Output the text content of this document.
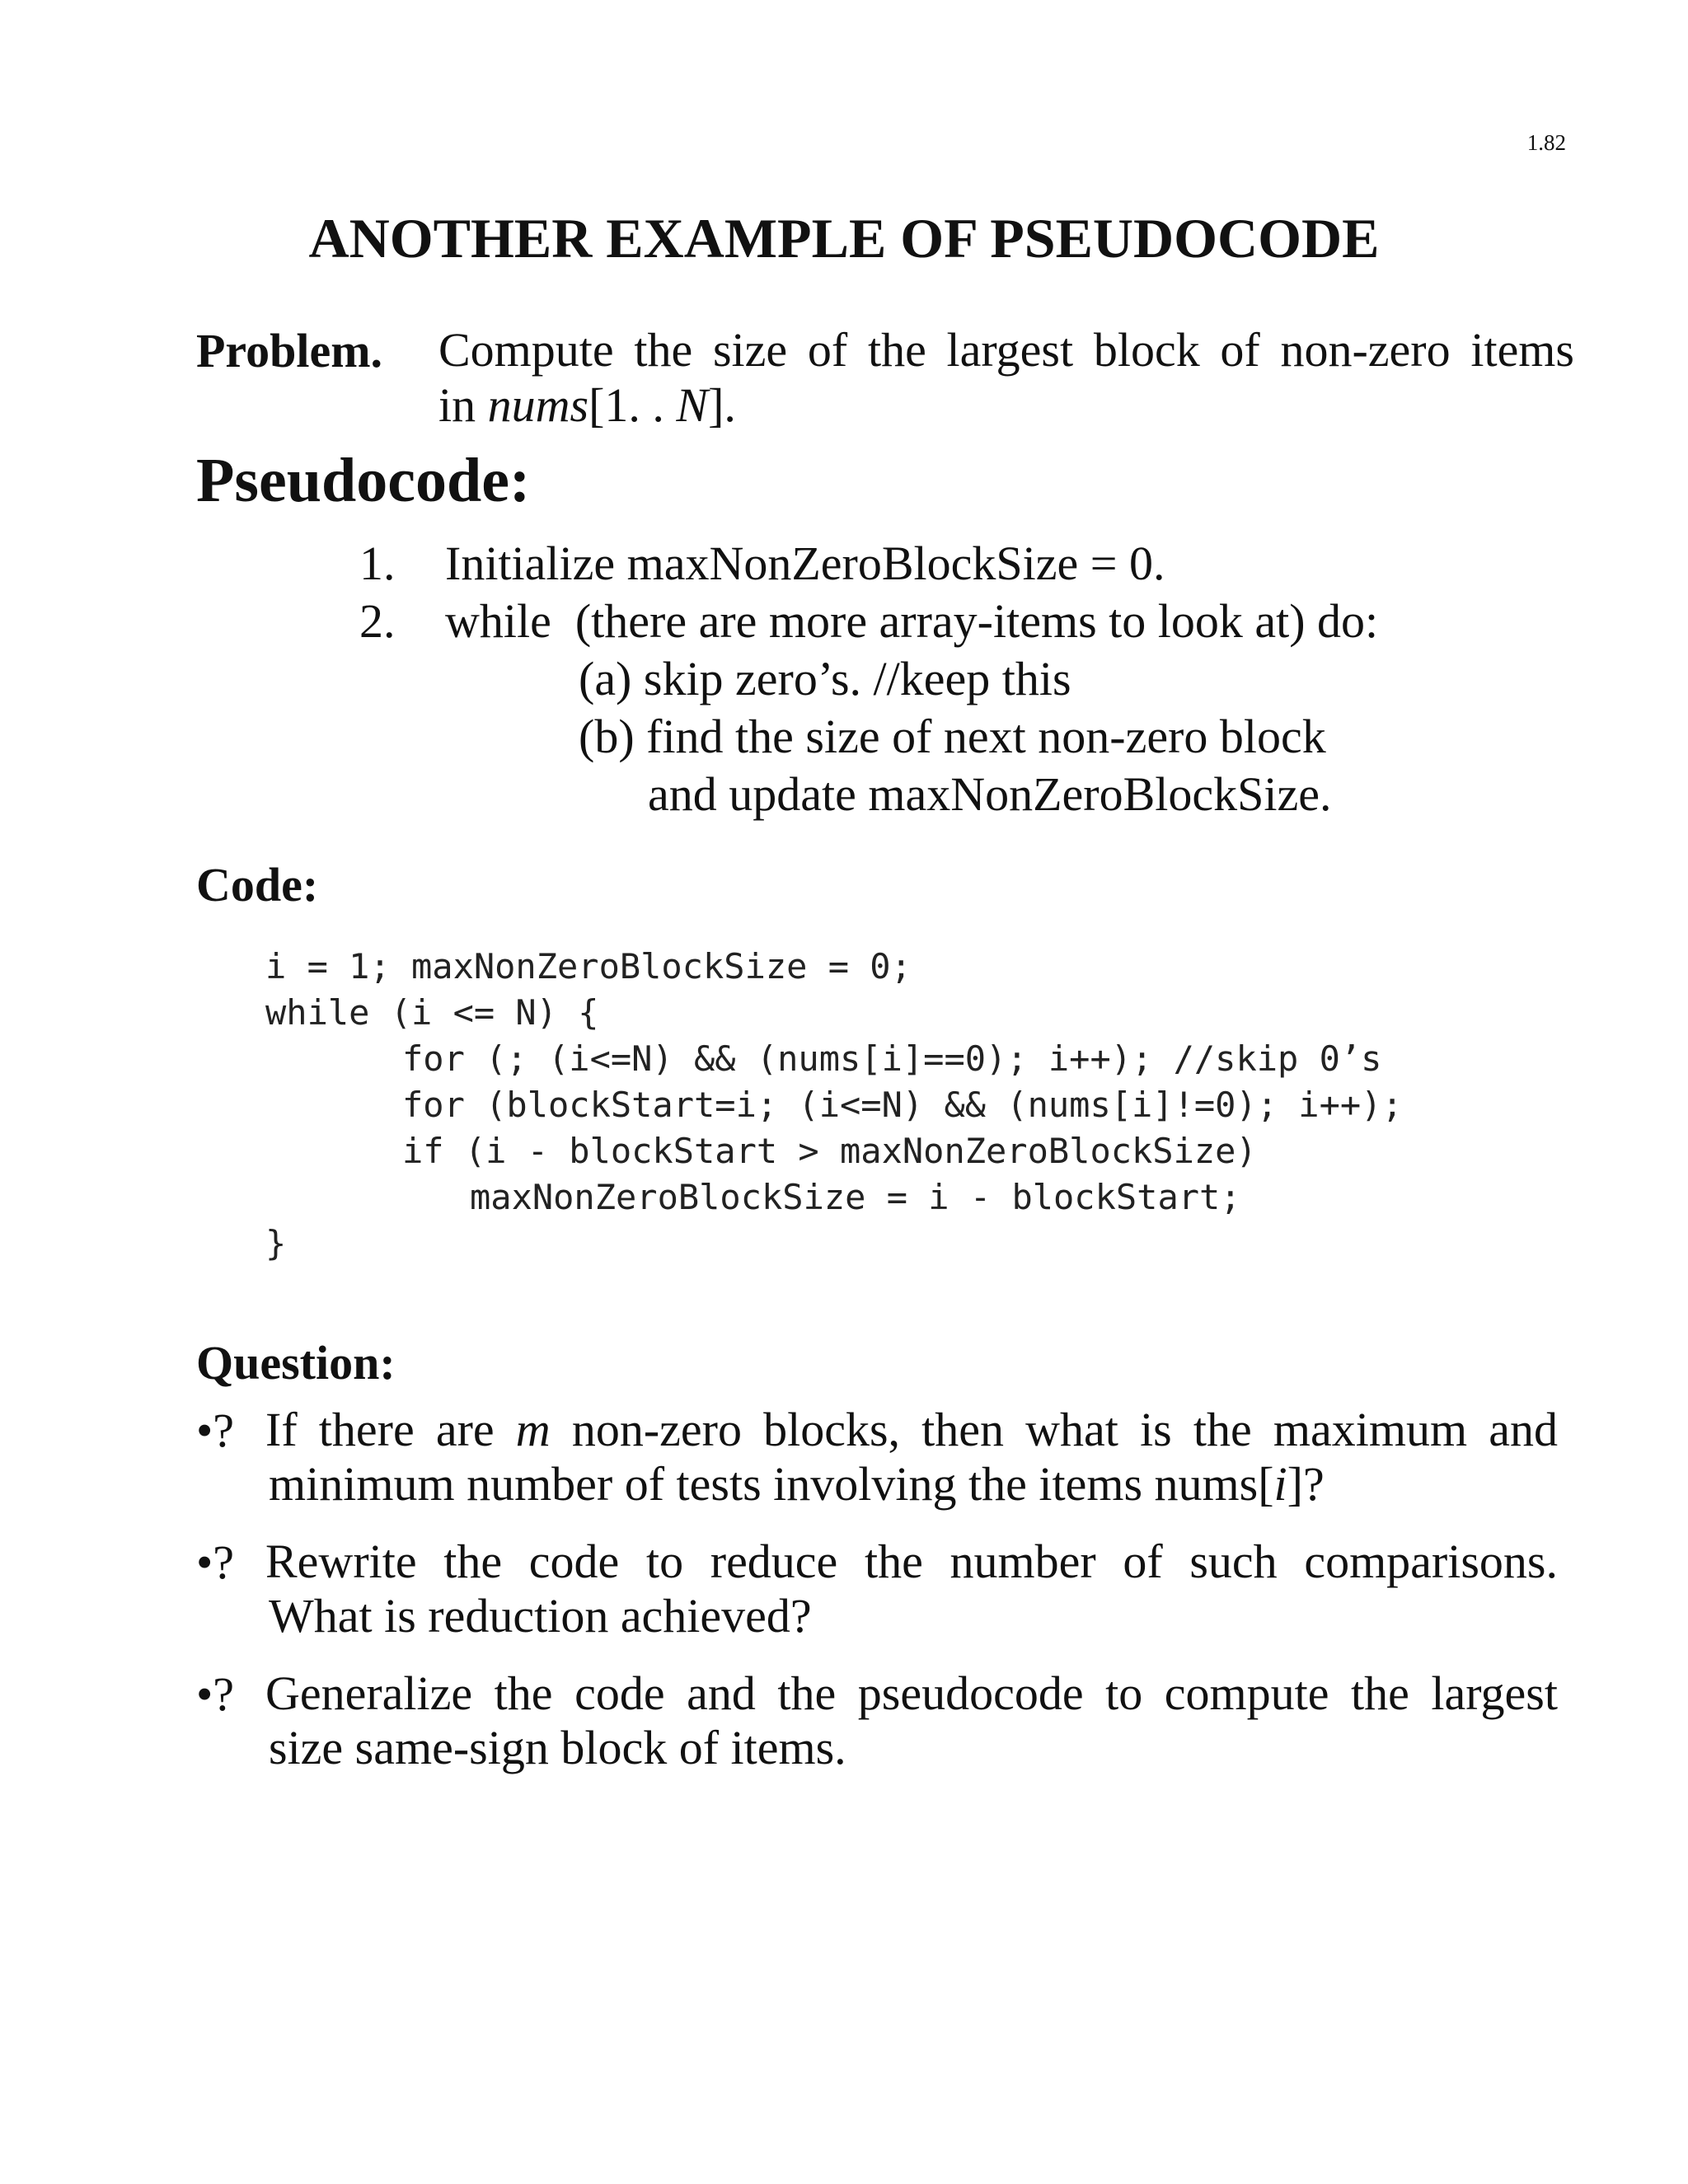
1.82
ANOTHER EXAMPLE OF PSEUDOCODE
Problem. Compute the size of the largest block of non-zero items
in nums[1. . N].
Pseudocode:
1. Initialize maxNonZeroBlockSize = 0.
2. while  (there are more array-items to look at) do:
(a) skip zero’s. //keep this
(b) find the size of next non-zero block
and update maxNonZeroBlockSize.
Code:
i = 1; maxNonZeroBlockSize = 0;
while (i <= N) {
for (; (i<=N) && (nums[i]==0); i++); //skip 0’s
for (blockStart=i; (i<=N) && (nums[i]!=0); i++);
if (i - blockStart > maxNonZeroBlockSize)
maxNonZeroBlockSize = i - blockStart;
}
Question:
•? If there are m non-zero blocks, then what is the maximum and
minimum number of tests involving the items nums[i]?
•? Rewrite the code to reduce the number of such comparisons.
What is reduction achieved?
•? Generalize the code and the pseudocode to compute the largest
size same-sign block of items.
